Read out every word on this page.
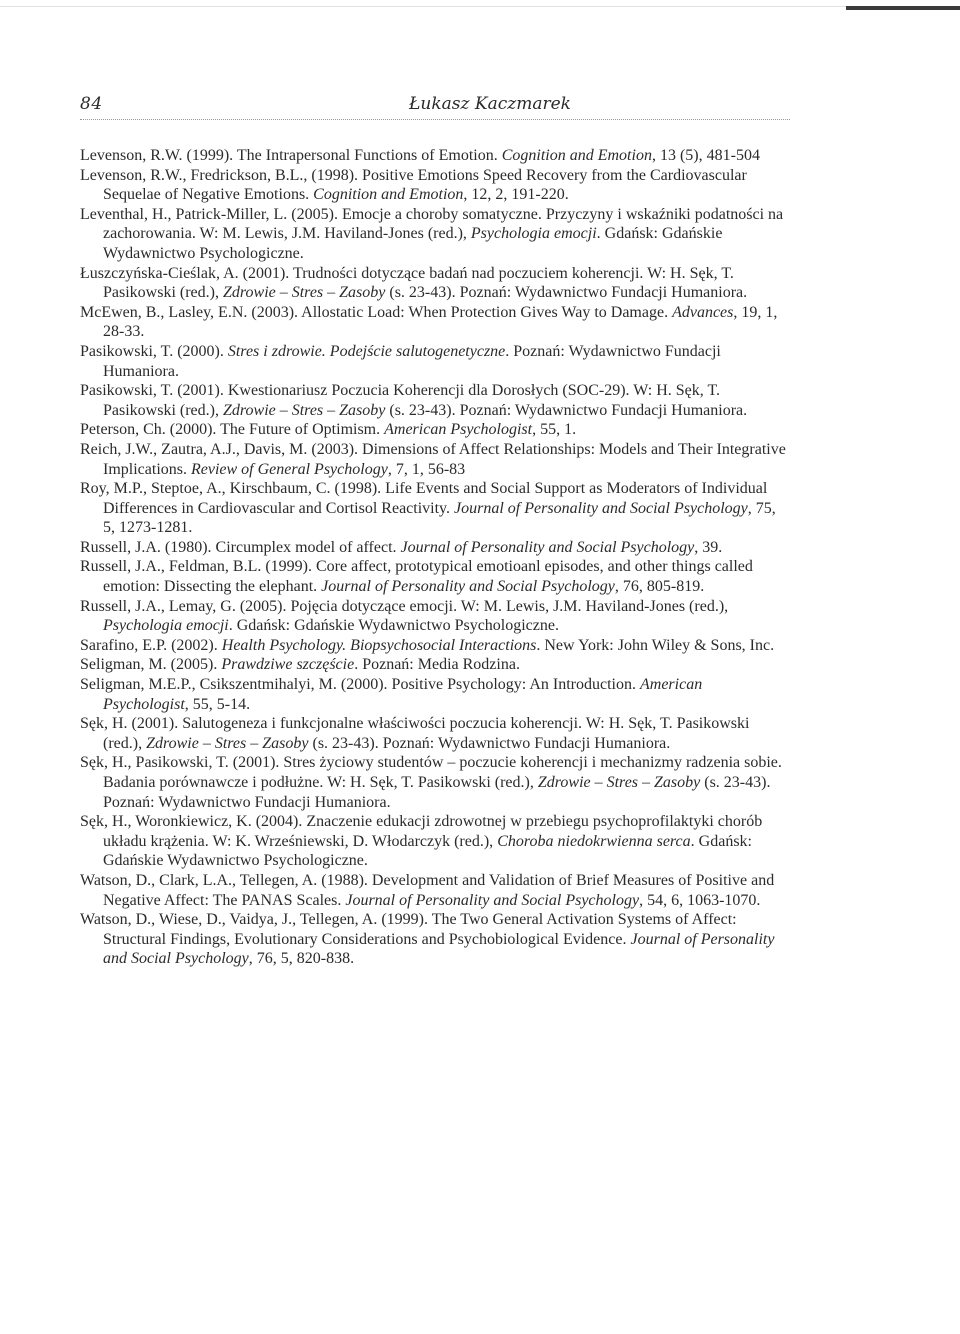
84	Łukasz Kaczmarek

Levenson, R.W. (1999). The Intrapersonal Functions of Emotion. Cognition and Emotion, 13 (5), 481-504

Levenson, R.W., Fredrickson, B.L., (1998). Positive Emotions Speed Recovery from the Cardiovascular Sequelae of Negative Emotions. Cognition and Emotion, 12, 2, 191-220.

Leventhal, H., Patrick-Miller, L. (2005). Emocje a choroby somatyczne. Przyczyny i wskaźniki podatności na zachorowania. W: M. Lewis, J.M. Haviland-Jones (red.), Psychologia emocji. Gdańsk: Gdańskie Wydawnictwo Psychologiczne.

Łuszczyńska-Cieślak, A. (2001). Trudności dotyczące badań nad poczuciem koherencji. W: H. Sęk, T. Pasikowski (red.), Zdrowie – Stres – Zasoby (s. 23-43). Poznań: Wydawnictwo Fundacji Humaniora.

McEwen, B., Lasley, E.N. (2003). Allostatic Load: When Protection Gives Way to Damage. Advances, 19, 1, 28-33.

Pasikowski, T. (2000). Stres i zdrowie. Podejście salutogenetyczne. Poznań: Wydawnictwo Fundacji Humaniora.

Pasikowski, T. (2001). Kwestionariusz Poczucia Koherencji dla Dorosłych (SOC-29). W: H. Sęk, T. Pasikowski (red.), Zdrowie – Stres – Zasoby (s. 23-43). Poznań: Wydawnictwo Fundacji Humaniora.

Peterson, Ch. (2000). The Future of Optimism. American Psychologist, 55, 1.

Reich, J.W., Zautra, A.J., Davis, M. (2003). Dimensions of Affect Relationships: Models and Their Integrative Implications. Review of General Psychology, 7, 1, 56-83

Roy, M.P., Steptoe, A., Kirschbaum, C. (1998). Life Events and Social Support as Moderators of Individual Differences in Cardiovascular and Cortisol Reactivity. Journal of Personality and Social Psychology, 75, 5, 1273-1281.

Russell, J.A. (1980). Circumplex model of affect. Journal of Personality and Social Psychology, 39.

Russell, J.A., Feldman, B.L. (1999). Core affect, prototypical emotioanl episodes, and other things called emotion: Dissecting the elephant. Journal of Personality and Social Psychology, 76, 805-819.

Russell, J.A., Lemay, G. (2005). Pojęcia dotyczące emocji. W: M. Lewis, J.M. Haviland-Jones (red.), Psychologia emocji. Gdańsk: Gdańskie Wydawnictwo Psychologiczne.

Sarafino, E.P. (2002). Health Psychology. Biopsychosocial Interactions. New York: John Wiley & Sons, Inc.

Seligman, M. (2005). Prawdziwe szczęście. Poznań: Media Rodzina.

Seligman, M.E.P., Csikszentmihalyi, M. (2000). Positive Psychology: An Introduction. American Psychologist, 55, 5-14.

Sęk, H. (2001). Salutogeneza i funkcjonalne właściwości poczucia koherencji. W: H. Sęk, T. Pasikowski (red.), Zdrowie – Stres – Zasoby (s. 23-43). Poznań: Wydawnictwo Fundacji Humaniora.

Sęk, H., Pasikowski, T. (2001). Stres życiowy studentów – poczucie koherencji i mechanizmy radzenia sobie. Badania porównawcze i podłużne. W: H. Sęk, T. Pasikowski (red.), Zdrowie – Stres – Zasoby (s. 23-43). Poznań: Wydawnictwo Fundacji Humaniora.

Sęk, H., Woronkiewicz, K. (2004). Znaczenie edukacji zdrowotnej w przebiegu psychoprofilaktyki chorób układu krążenia. W: K. Wrześniewski, D. Włodarczyk (red.), Choroba niedokrwienna serca. Gdańsk: Gdańskie Wydawnictwo Psychologiczne.

Watson, D., Clark, L.A., Tellegen, A. (1988). Development and Validation of Brief Measures of Positive and Negative Affect: The PANAS Scales. Journal of Personality and Social Psychology, 54, 6, 1063-1070.

Watson, D., Wiese, D., Vaidya, J., Tellegen, A. (1999). The Two General Activation Systems of Affect: Structural Findings, Evolutionary Considerations and Psychobiological Evidence. Journal of Personality and Social Psychology, 76, 5, 820-838.
